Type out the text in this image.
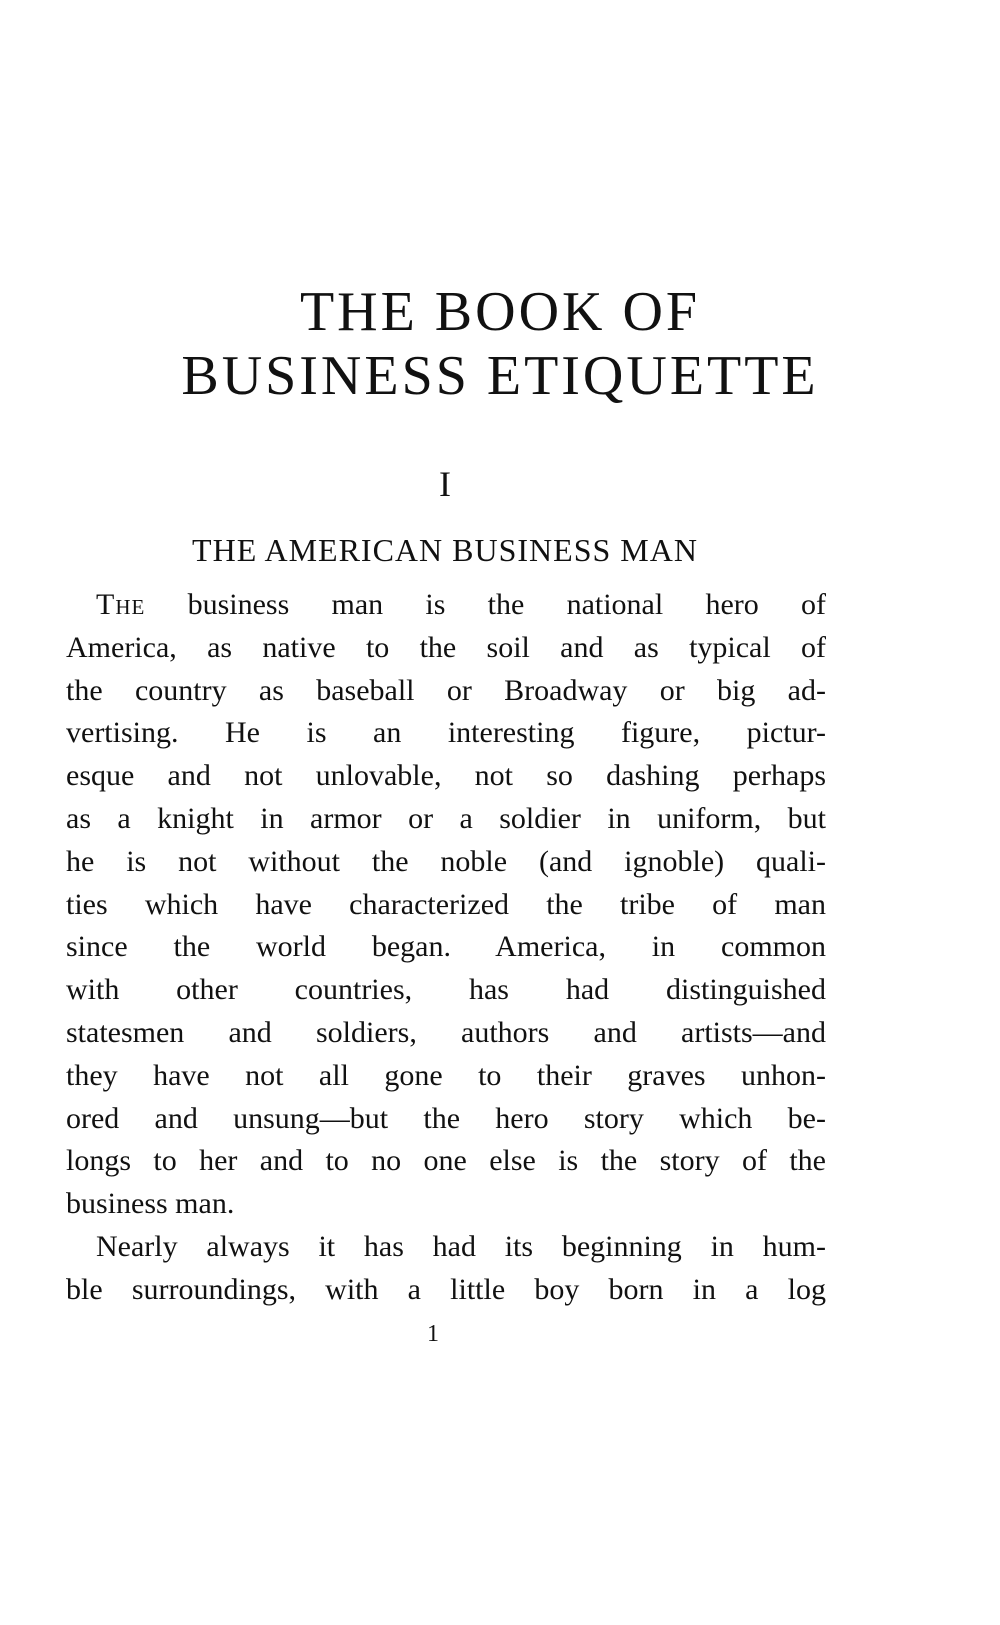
THE BOOK OF
BUSINESS ETIQUETTE
I
THE AMERICAN BUSINESS MAN
The business man is the national hero of
America, as native to the soil and as typical of
the country as baseball or Broadway or big ad-
vertising. He is an interesting figure, pictur-
esque and not unlovable, not so dashing perhaps
as a knight in armor or a soldier in uniform, but
he is not without the noble (and ignoble) quali-
ties which have characterized the tribe of man
since the world began. America, in common
with other countries, has had distinguished
statesmen and soldiers, authors and artists—and
they have not all gone to their graves unhon-
ored and unsung—but the hero story which be-
longs to her and to no one else is the story of the
business man.
Nearly always it has had its beginning in hum-
ble surroundings, with a little boy born in a log
1
